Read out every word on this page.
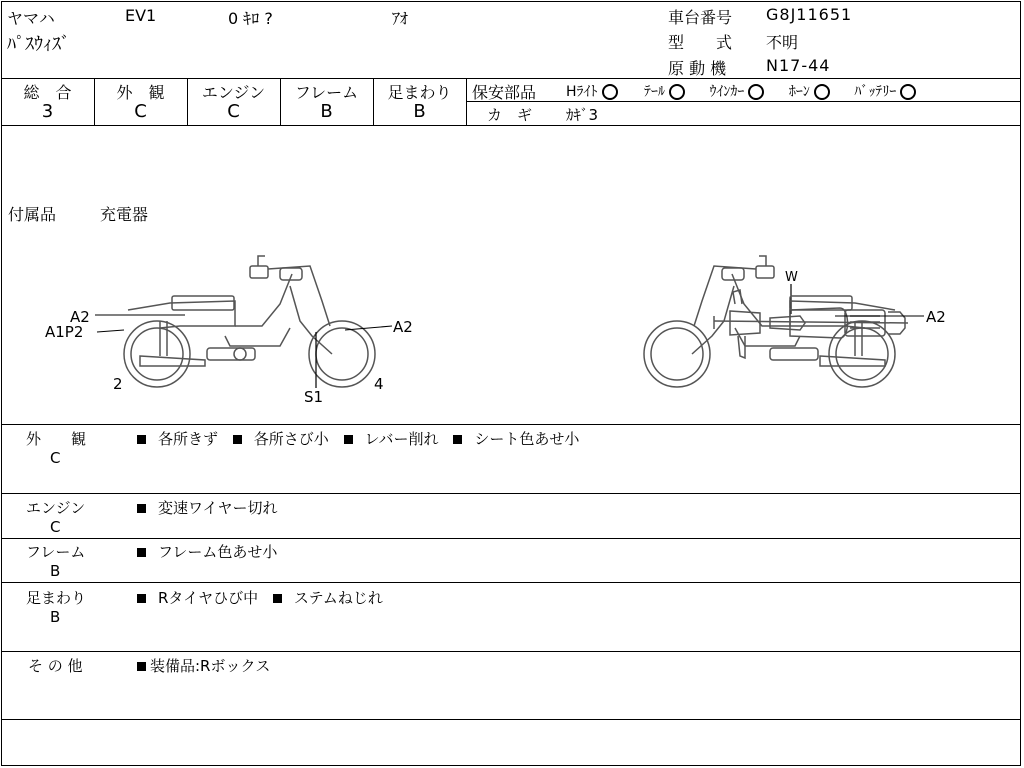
ヤマハ	EV1	0 ｷﾛ ?	ｱｵ
ﾊﾟｽｳｨｽﾞ
車台番号 G8J11651
型　　式 不明
原 動 機 N17-44
総　合
3
外　観
C
エンジン
C
フレーム
B
足まわり
B
保安部品 Hﾗｲﾄ	ﾃｰﾙ	ｳｲﾝｶｰ	ﾎｰﾝ	ﾊﾞｯﾃﾘｰ
カ　ギ ｶｷﾞ3
付属品	充電器
W
A2
A1P2	A2
2	4
S1
A2
外　　観
C
各所きず 各所さび小 レバー削れ シート色あせ小
エンジン
C
変速ワイヤー切れ
フレーム
B
フレーム色あせ小
足まわり
B
Rタイヤひび中 ステムねじれ
そ の 他	装備品:Rボックス
